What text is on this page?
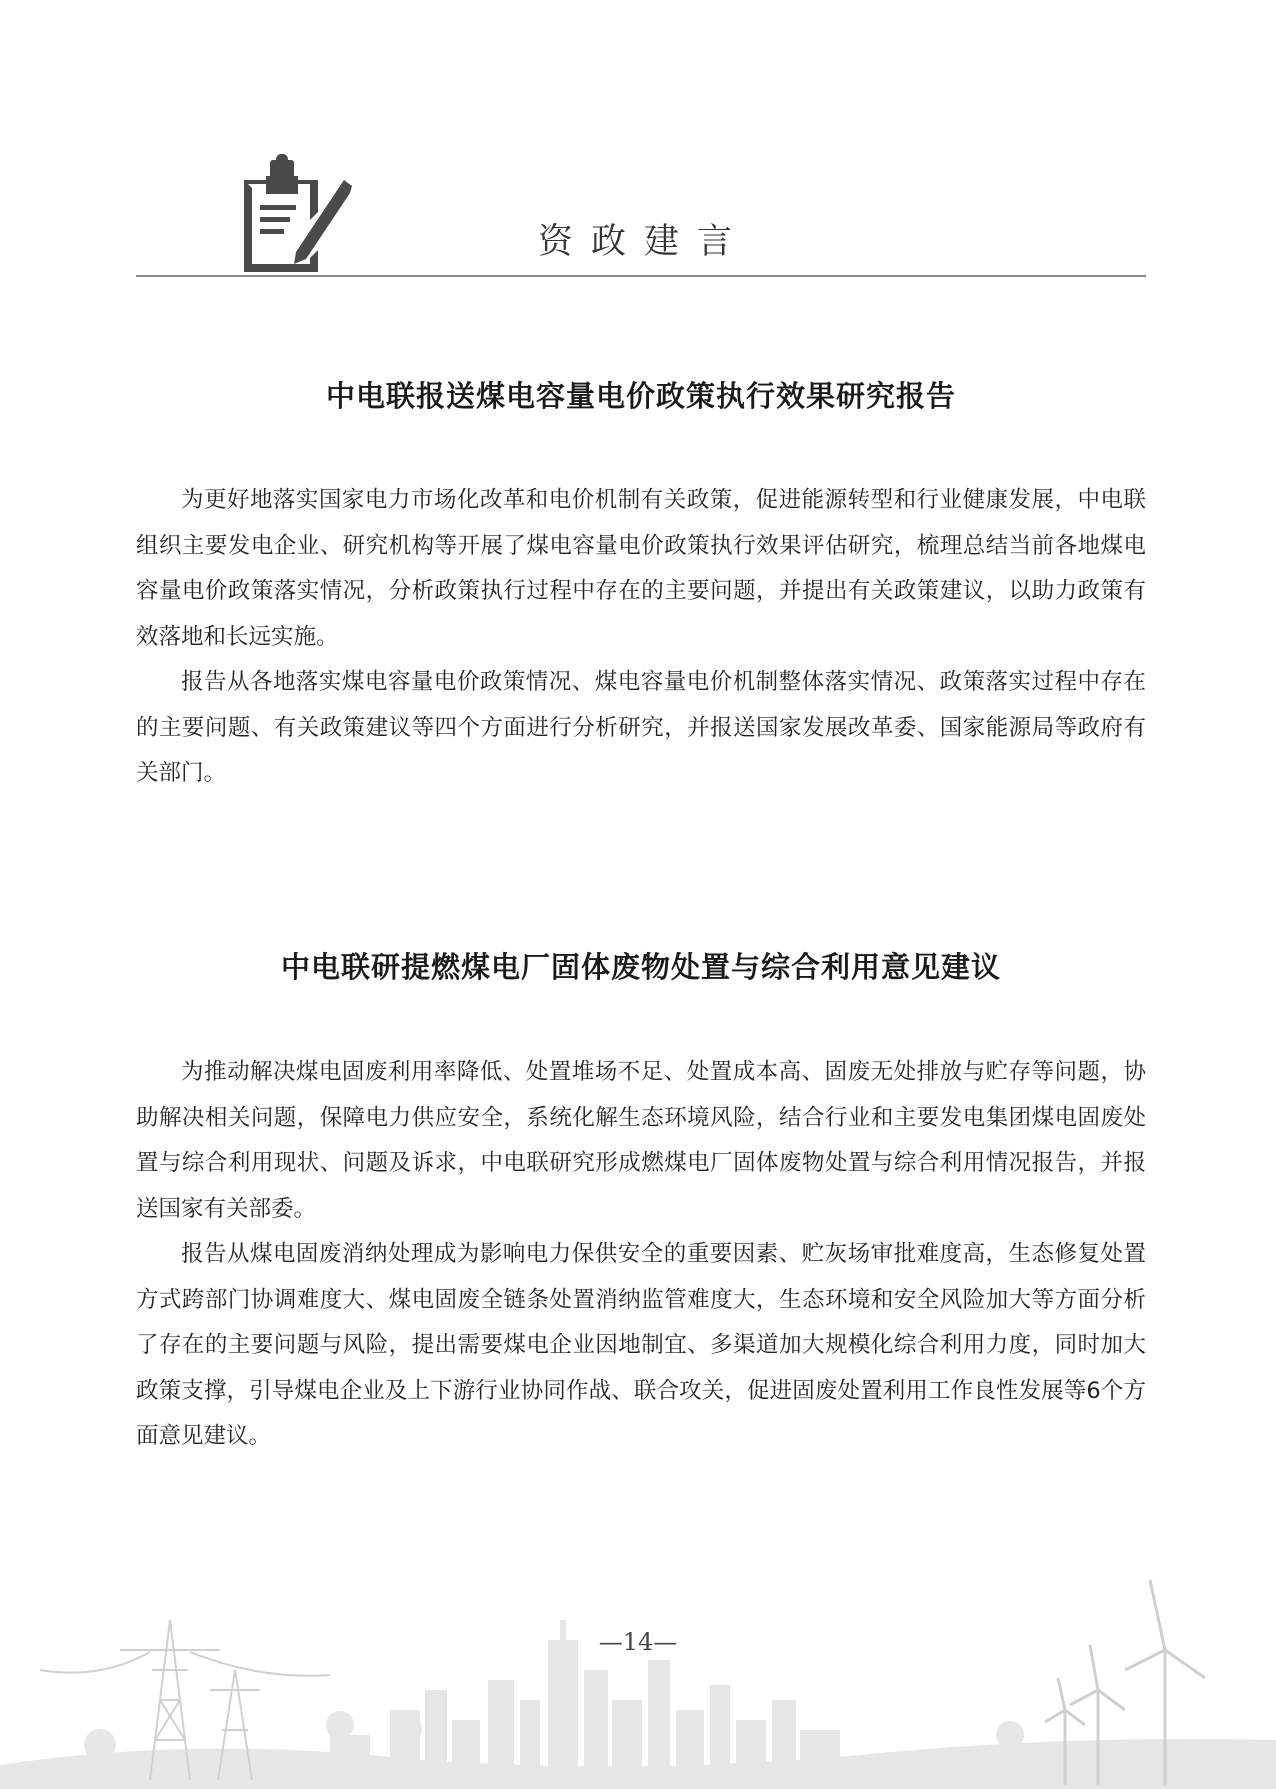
资政建言
中电联报送煤电容量电价政策执行效果研究报告

为更好地落实国家电力市场化改革和电价机制有关政策，促进能源转型和行业健康发展，中电联组织主要发电企业、研究机构等开展了煤电容量电价政策执行效果评估研究，梳理总结当前各地煤电容量电价政策落实情况，分析政策执行过程中存在的主要问题，并提出有关政策建议，以助力政策有效落地和长远实施。

报告从各地落实煤电容量电价政策情况、煤电容量电价机制整体落实情况、政策落实过程中存在的主要问题、有关政策建议等四个方面进行分析研究，并报送国家发展改革委、国家能源局等政府有关部门。

中电联研提燃煤电厂固体废物处置与综合利用意见建议

为推动解决煤电固废利用率降低、处置堆场不足、处置成本高、固废无处排放与贮存等问题，协助解决相关问题，保障电力供应安全，系统化解生态环境风险，结合行业和主要发电集团煤电固废处置与综合利用现状、问题及诉求，中电联研究形成燃煤电厂固体废物处置与综合利用情况报告，并报送国家有关部委。

报告从煤电固废消纳处理成为影响电力保供安全的重要因素、贮灰场审批难度高，生态修复处置方式跨部门协调难度大、煤电固废全链条处置消纳监管难度大，生态环境和安全风险加大等方面分析了存在的主要问题与风险，提出需要煤电企业因地制宜、多渠道加大规模化综合利用力度，同时加大政策支撑，引导煤电企业及上下游行业协同作战、联合攻关，促进固废处置利用工作良性发展等6个方面意见建议。

—14—
